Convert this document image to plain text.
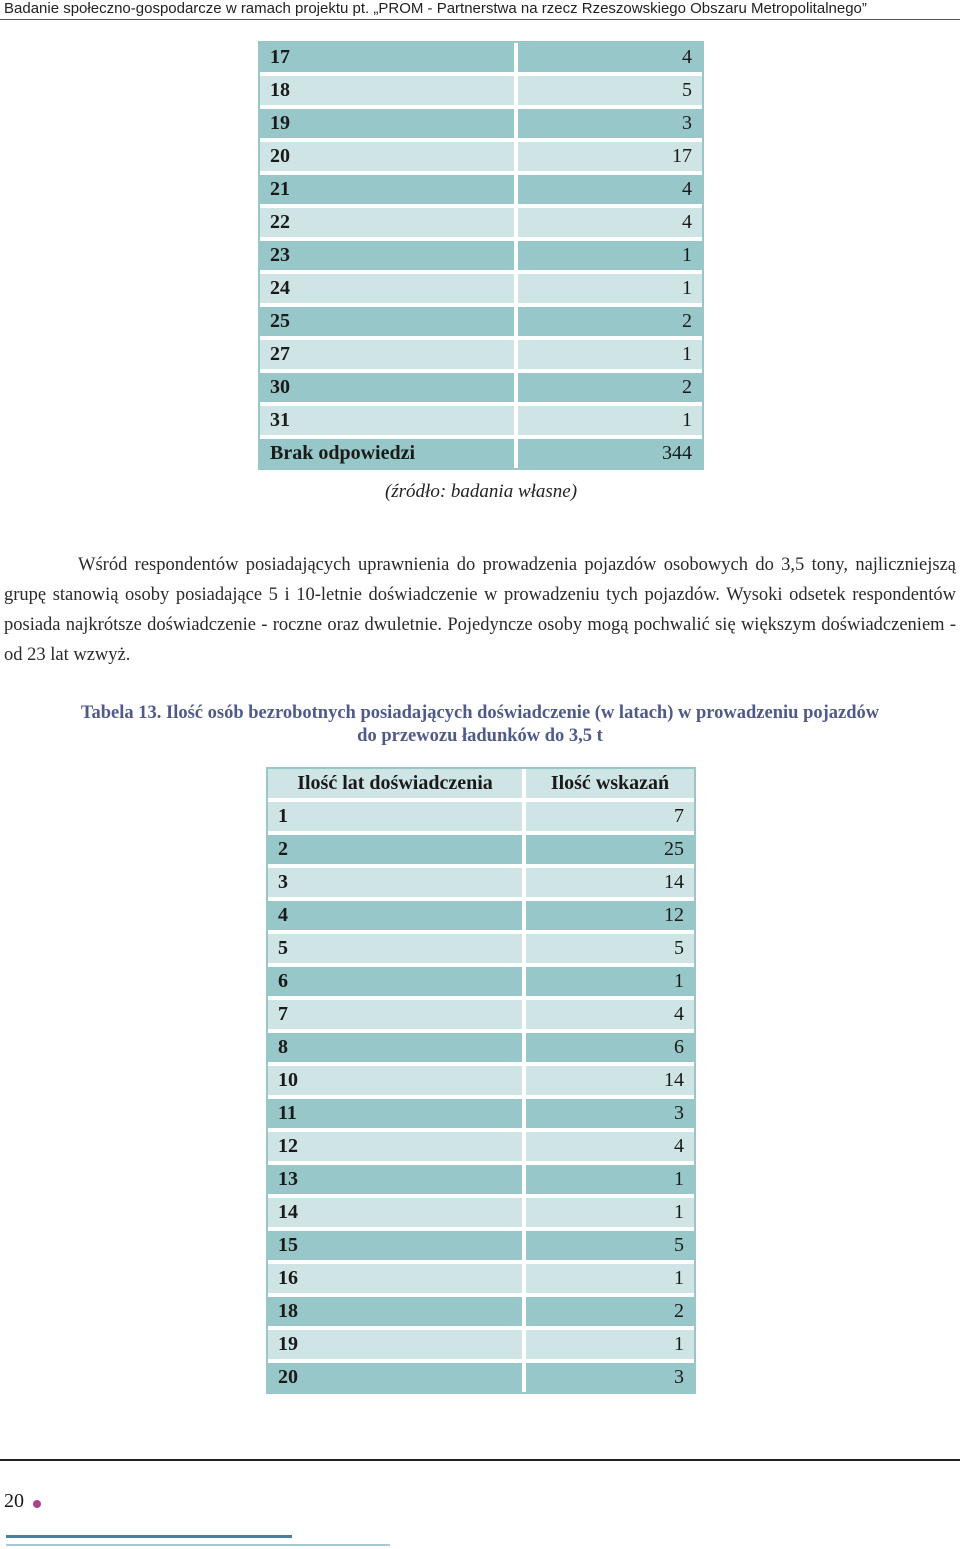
Badanie społeczno-gospodarcze w ramach projektu pt. „PROM - Partnerstwa na rzecz Rzeszowskiego Obszaru Metropolitalnego”
17	4
18	5
19	3
20	17
21	4
22	4
23	1
24	1
25	2
27	1
30	2
31	1
Brak odpowiedzi	344
(źródło: badania własne)

Wśród respondentów posiadających uprawnienia do prowadzenia pojazdów osobowych do 3,5 tony, najliczniejszą grupę stanowią osoby posiadające 5 i 10-letnie doświadczenie w prowadzeniu tych pojazdów. Wysoki odsetek respondentów posiada najkrótsze doświadczenie - roczne oraz dwuletnie. Pojedyncze osoby mogą pochwalić się większym doświadczeniem - od 23 lat wzwyż.

Tabela 13. Ilość osób bezrobotnych posiadających doświadczenie (w latach) w prowadzeniu pojazdów
do przewozu ładunków do 3,5 t
Ilość lat doświadczenia	Ilość wskazań
1	7
2	25
3	14
4	12
5	5
6	1
7	4
8	6
10	14
11	3
12	4
13	1
14	1
15	5
16	1
18	2
19	1
20	3
20
